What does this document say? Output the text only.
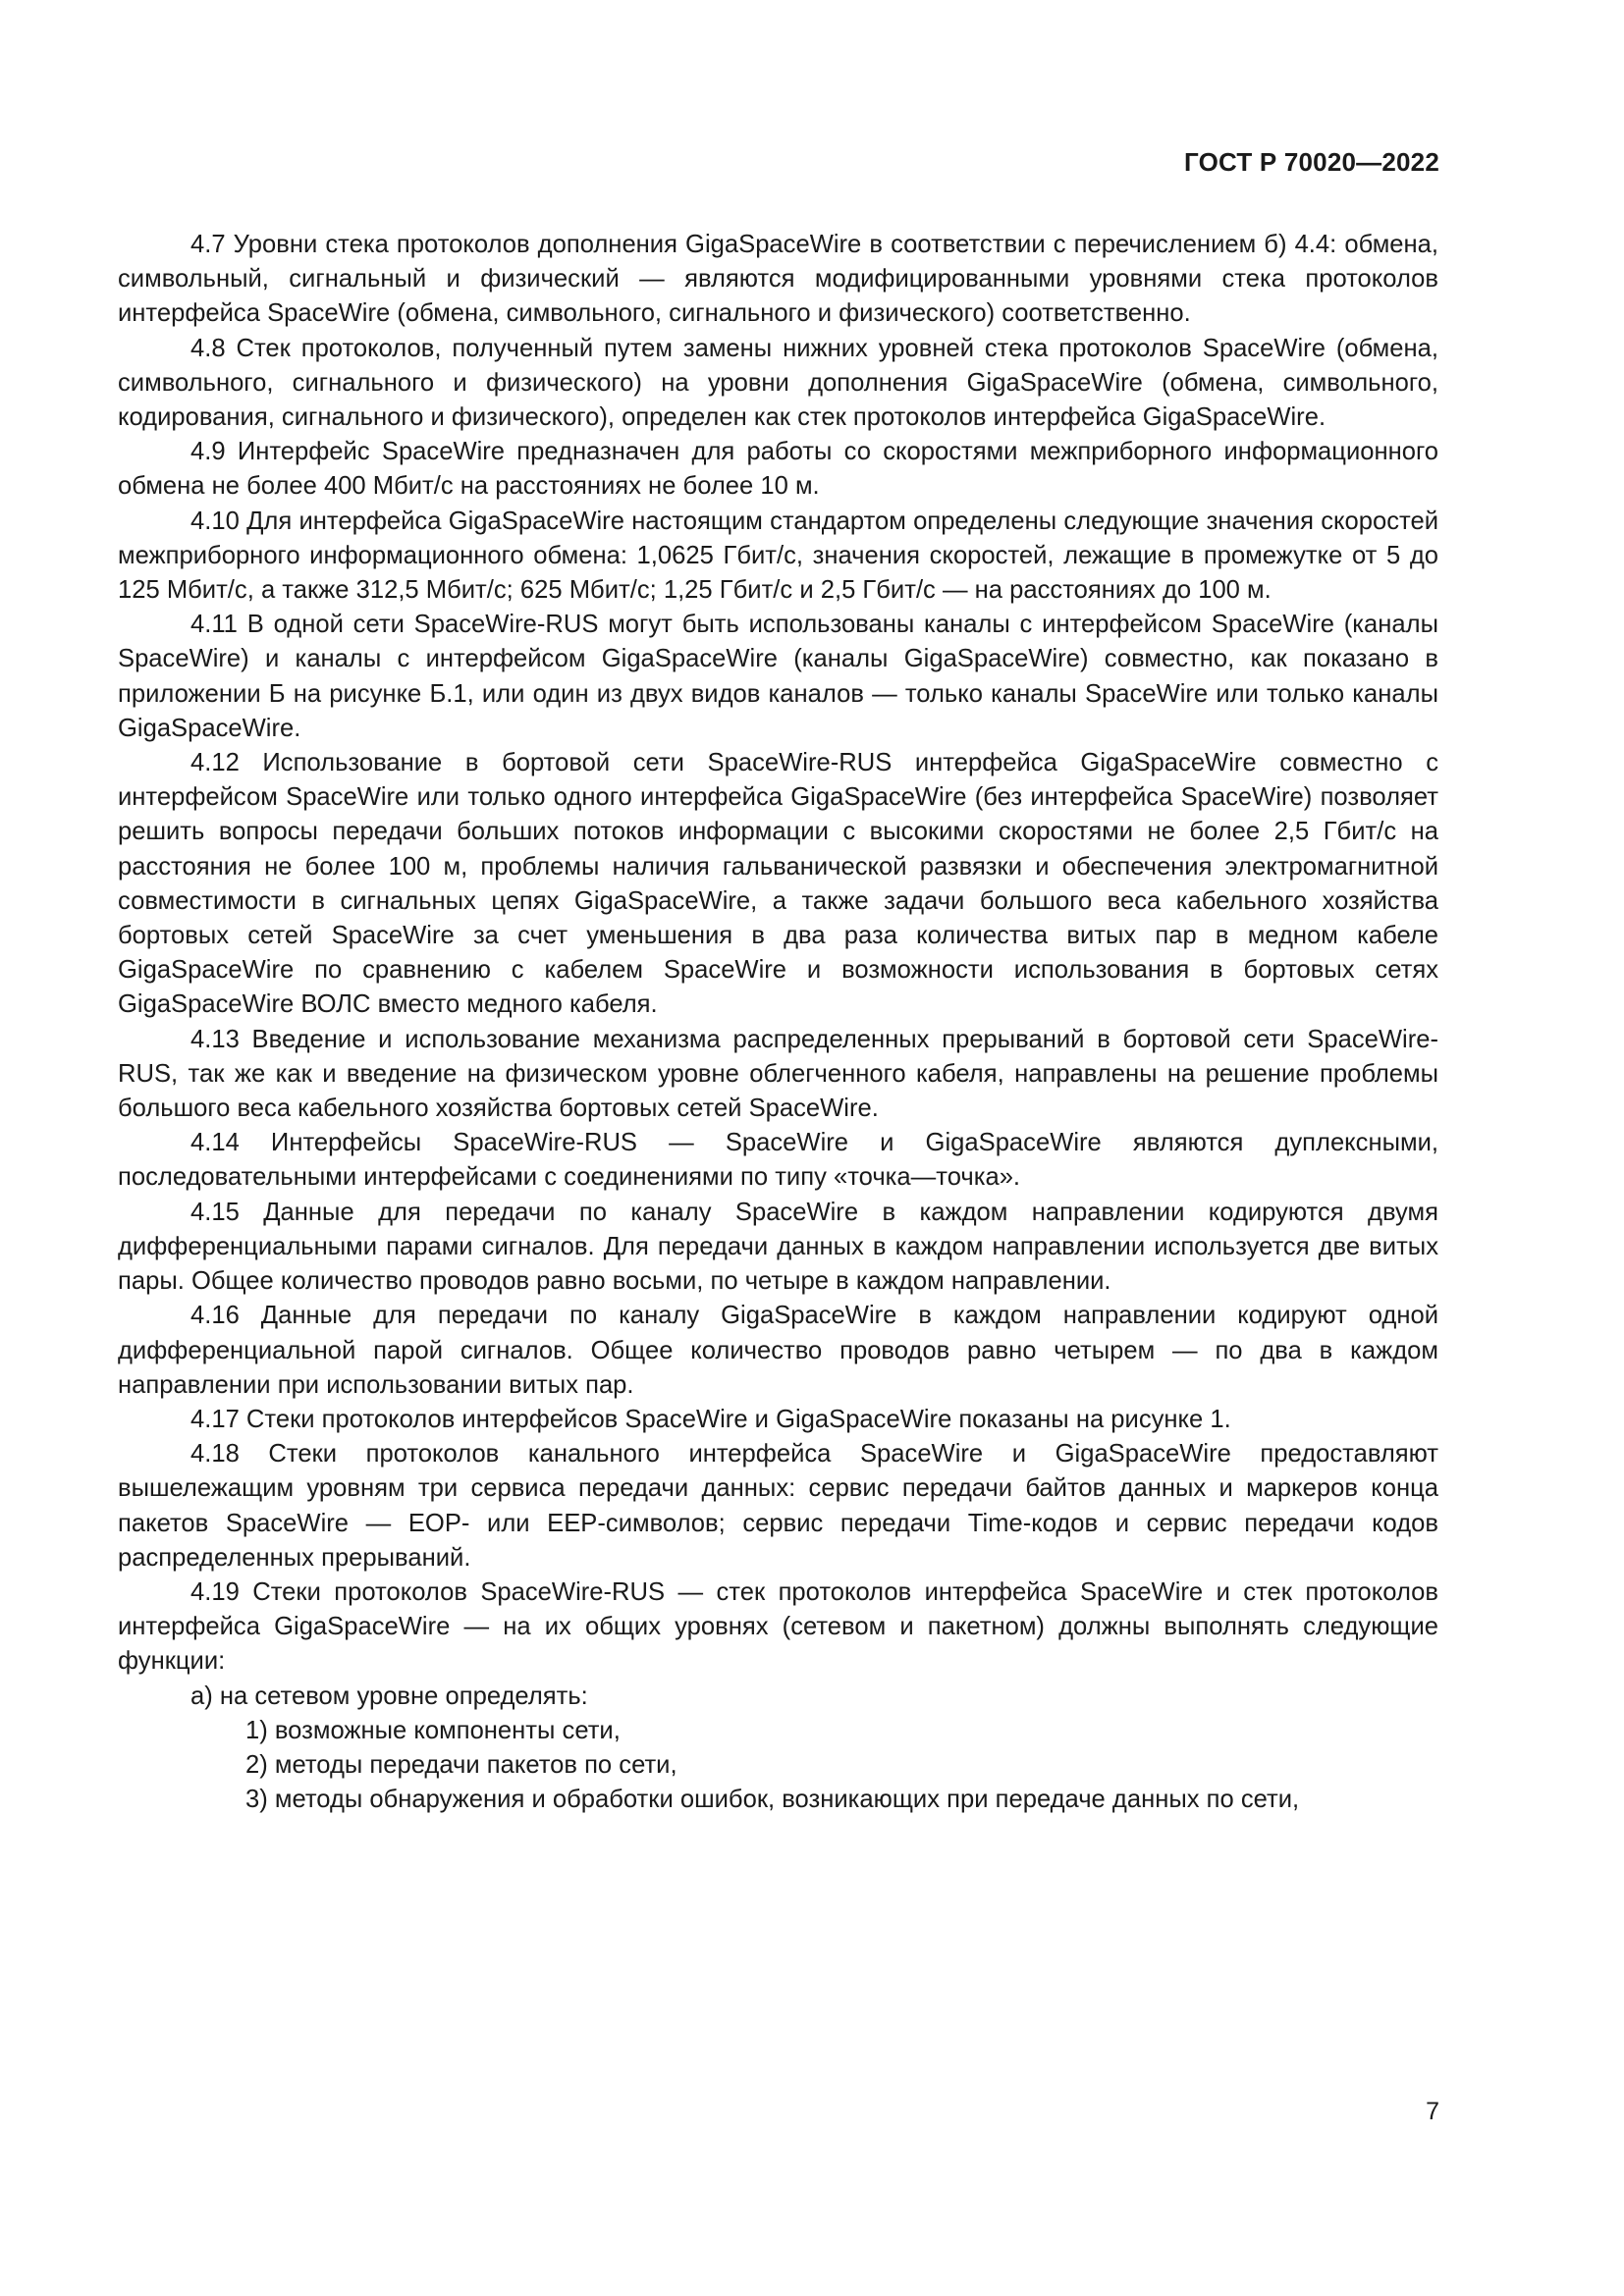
ГОСТ Р 70020—2022

4.7 Уровни стека протоколов дополнения GigaSpaceWire в соответствии с перечислением б) 4.4: обмена, символьный, сигнальный и физический — являются модифицированными уровнями стека протоколов интерфейса SpaceWire (обмена, символьного, сигнального и физического) соответственно.

4.8 Стек протоколов, полученный путем замены нижних уровней стека протоколов SpaceWire (обмена, символьного, сигнального и физического) на уровни дополнения GigaSpaceWire (обмена, символьного, кодирования, сигнального и физического), определен как стек протоколов интерфейса GigaSpaceWire.

4.9 Интерфейс SpaceWire предназначен для работы со скоростями межприборного информационного обмена не более 400 Мбит/с на расстояниях не более 10 м.

4.10 Для интерфейса GigaSpaceWire настоящим стандартом определены следующие значения скоростей межприборного информационного обмена: 1,0625 Гбит/с, значения скоростей, лежащие в промежутке от 5 до 125 Мбит/с, а также 312,5 Мбит/с; 625 Мбит/с; 1,25 Гбит/с и 2,5 Гбит/с — на расстояниях до 100 м.

4.11 В одной сети SpaceWire-RUS могут быть использованы каналы с интерфейсом SpaceWire (каналы SpaceWire) и каналы с интерфейсом GigaSpaceWire (каналы GigaSpaceWire) совместно, как показано в приложении Б на рисунке Б.1, или один из двух видов каналов — только каналы SpaceWire или только каналы GigaSpaceWire.

4.12 Использование в бортовой сети SpaceWire-RUS интерфейса GigaSpaceWire совместно с интерфейсом SpaceWire или только одного интерфейса GigaSpaceWire (без интерфейса SpaceWire) позволяет решить вопросы передачи больших потоков информации с высокими скоростями не более 2,5 Гбит/с на расстояния не более 100 м, проблемы наличия гальванической развязки и обеспечения электромагнитной совместимости в сигнальных цепях GigaSpaceWire, а также задачи большого веса кабельного хозяйства бортовых сетей SpaceWire за счет уменьшения в два раза количества витых пар в медном кабеле GigaSpaceWire по сравнению с кабелем SpaceWire и возможности использования в бортовых сетях GigaSpaceWire ВОЛС вместо медного кабеля.

4.13 Введение и использование механизма распределенных прерываний в бортовой сети SpaceWire-RUS, так же как и введение на физическом уровне облегченного кабеля, направлены на решение проблемы большого веса кабельного хозяйства бортовых сетей SpaceWire.

4.14 Интерфейсы SpaceWire-RUS — SpaceWire и GigaSpaceWire являются дуплексными, последовательными интерфейсами с соединениями по типу «точка—точка».

4.15 Данные для передачи по каналу SpaceWire в каждом направлении кодируются двумя дифференциальными парами сигналов. Для передачи данных в каждом направлении используется две витых пары. Общее количество проводов равно восьми, по четыре в каждом направлении.

4.16 Данные для передачи по каналу GigaSpaceWire в каждом направлении кодируют одной дифференциальной парой сигналов. Общее количество проводов равно четырем — по два в каждом направлении при использовании витых пар.

4.17 Стеки протоколов интерфейсов SpaceWire и GigaSpaceWire показаны на рисунке 1.

4.18 Стеки протоколов канального интерфейса SpaceWire и GigaSpaceWire предоставляют вышележащим уровням три сервиса передачи данных: сервис передачи байтов данных и маркеров конца пакетов SpaceWire — EOP- или EEP-символов; сервис передачи Time-кодов и сервис передачи кодов распределенных прерываний.

4.19 Стеки протоколов SpaceWire-RUS — стек протоколов интерфейса SpaceWire и стек протоколов интерфейса GigaSpaceWire — на их общих уровнях (сетевом и пакетном) должны выполнять следующие функции:

а) на сетевом уровне определять:

1) возможные компоненты сети,

2) методы передачи пакетов по сети,

3) методы обнаружения и обработки ошибок, возникающих при передаче данных по сети,

7
